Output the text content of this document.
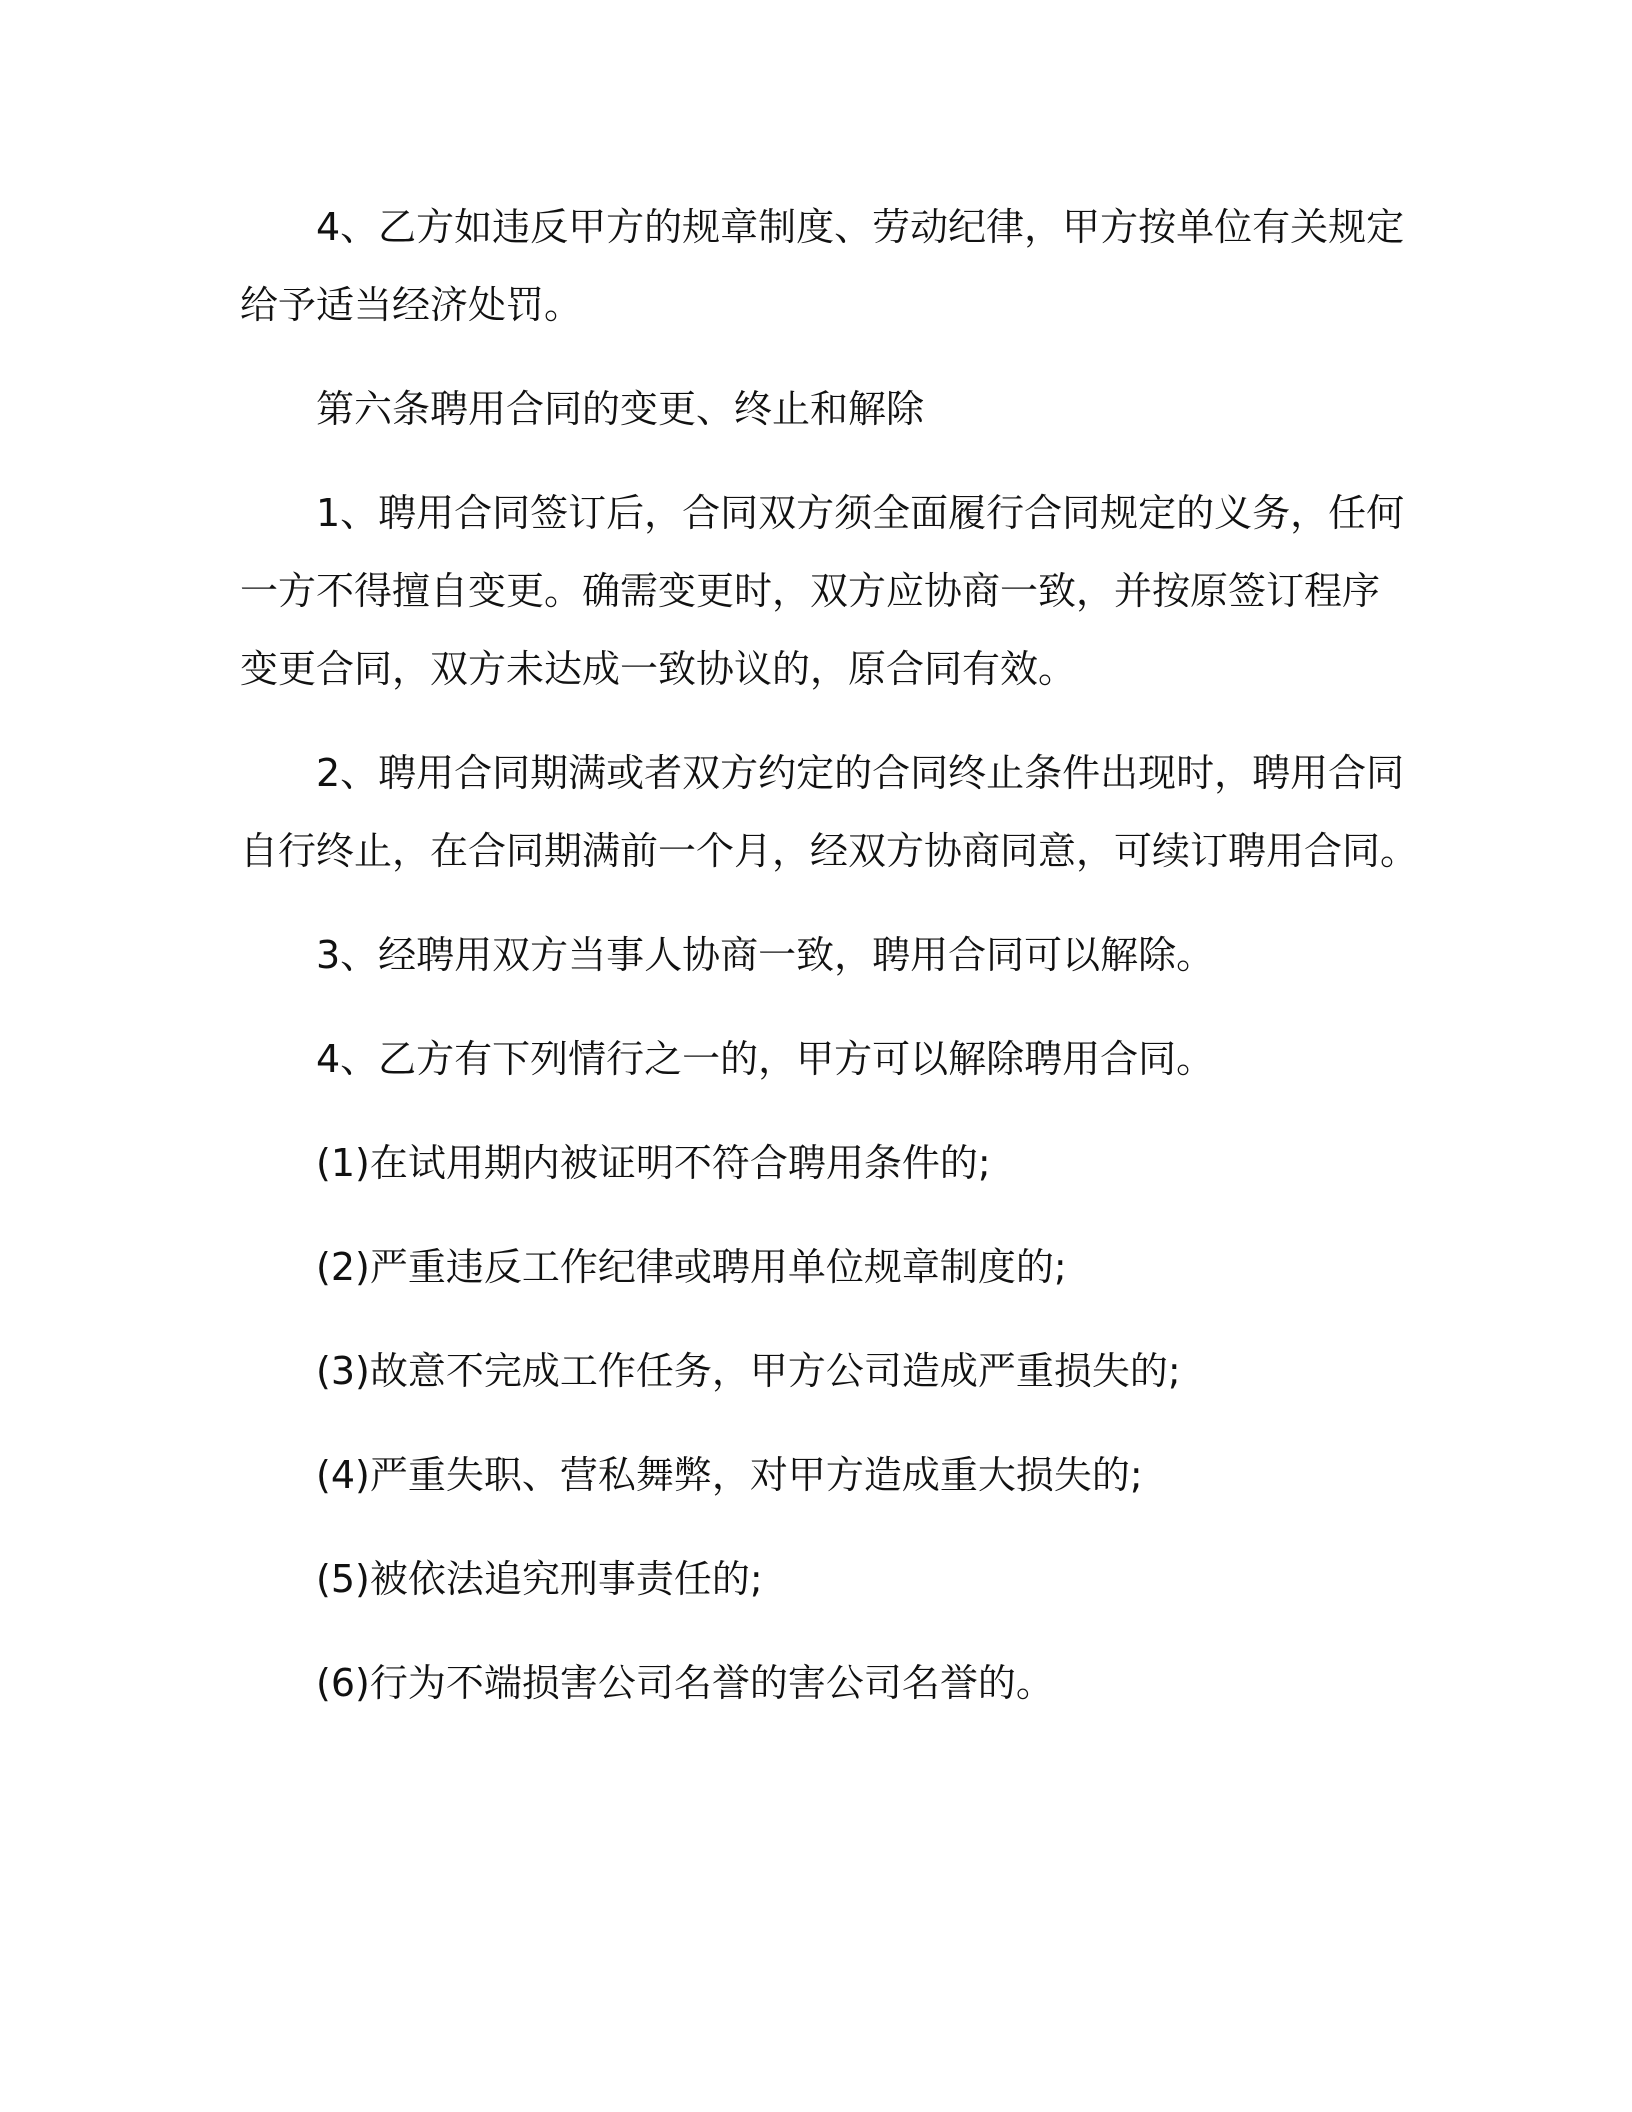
4、乙方如违反甲方的规章制度、劳动纪律，甲方按单位有关规定
给予适当经济处罚。

第六条聘用合同的变更、终止和解除

1、聘用合同签订后，合同双方须全面履行合同规定的义务，任何
一方不得擅自变更。确需变更时，双方应协商一致，并按原签订程序
变更合同，双方未达成一致协议的，原合同有效。

2、聘用合同期满或者双方约定的合同终止条件出现时，聘用合同
自行终止，在合同期满前一个月，经双方协商同意，可续订聘用合同。

3、经聘用双方当事人协商一致，聘用合同可以解除。

4、乙方有下列情行之一的，甲方可以解除聘用合同。

(1)在试用期内被证明不符合聘用条件的;

(2)严重违反工作纪律或聘用单位规章制度的;

(3)故意不完成工作任务，甲方公司造成严重损失的;

(4)严重失职、营私舞弊，对甲方造成重大损失的;

(5)被依法追究刑事责任的;

(6)行为不端损害公司名誉的害公司名誉的。
